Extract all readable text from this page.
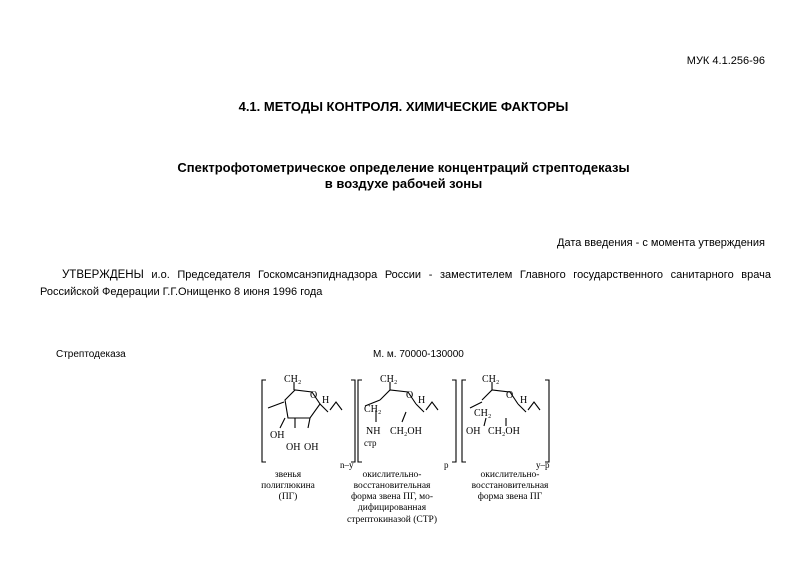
МУК 4.1.256-96
4.1. МЕТОДЫ КОНТРОЛЯ. ХИМИЧЕСКИЕ ФАКТОРЫ
Спектрофотометрическое определение концентраций стрептодеказы
в воздухе рабочей зоны
Дата введения - с момента утверждения
УТВЕРЖДЕНЫ и.о. Председателя Госкомсанэпиднадзора России - заместителем Главного государственного санитарного врача Российской Федерации Г.Г.Онищенко 8 июня 1996 года
Стрептодеказа	М. м. 70000-130000
CH₂
O H
OH
OH OH
n–y
CH₂
O H
CH₂
NH
стр
CH₂OH
p
CH₂
O H
CH₂
OH CH₂OH
y–p
звенья
полиглюкина
(ПГ)
окислительно-
восстановительная
форма звена ПГ, мо-
дифицированная
стрептокиназой (СТР)
окислительно-
восстановительная
форма звена ПГ
